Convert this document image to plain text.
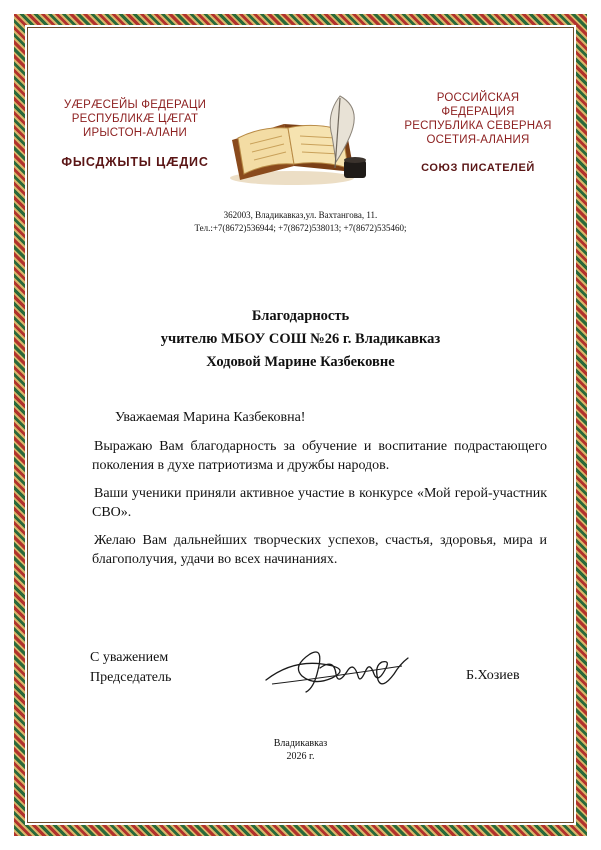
УÆРÆСЕЙЫ ФЕДЕРАЦИ
РЕСПУБЛИКÆ ЦÆГАТ
ИРЫСТОН-АЛАНИ
ФЫСДЖЫТЫ ЦÆДИС
РОССИЙСКАЯ
ФЕДЕРАЦИЯ
РЕСПУБЛИКА СЕВЕРНАЯ
ОСЕТИЯ-АЛАНИЯ
СОЮЗ ПИСАТЕЛЕЙ
362003, Владикавказ,ул. Вахтангова, 11.
Тел.:+7(8672)536944; +7(8672)538013; +7(8672)535460;
Благодарность
учителю МБОУ СОШ №26 г. Владикавказ
Ходовой Марине Казбековне
Уважаемая Марина Казбековна!
Выражаю Вам благодарность за обучение и воспитание подрастающего поколения в духе патриотизма и дружбы народов.
Ваши ученики приняли активное участие в конкурсе «Мой герой-участник СВО».
Желаю Вам дальнейших творческих успехов, счастья, здоровья, мира и благополучия, удачи во всех начинаниях.
С уважением
Председатель	Б.Хозиев
Владикавказ
2026 г.
